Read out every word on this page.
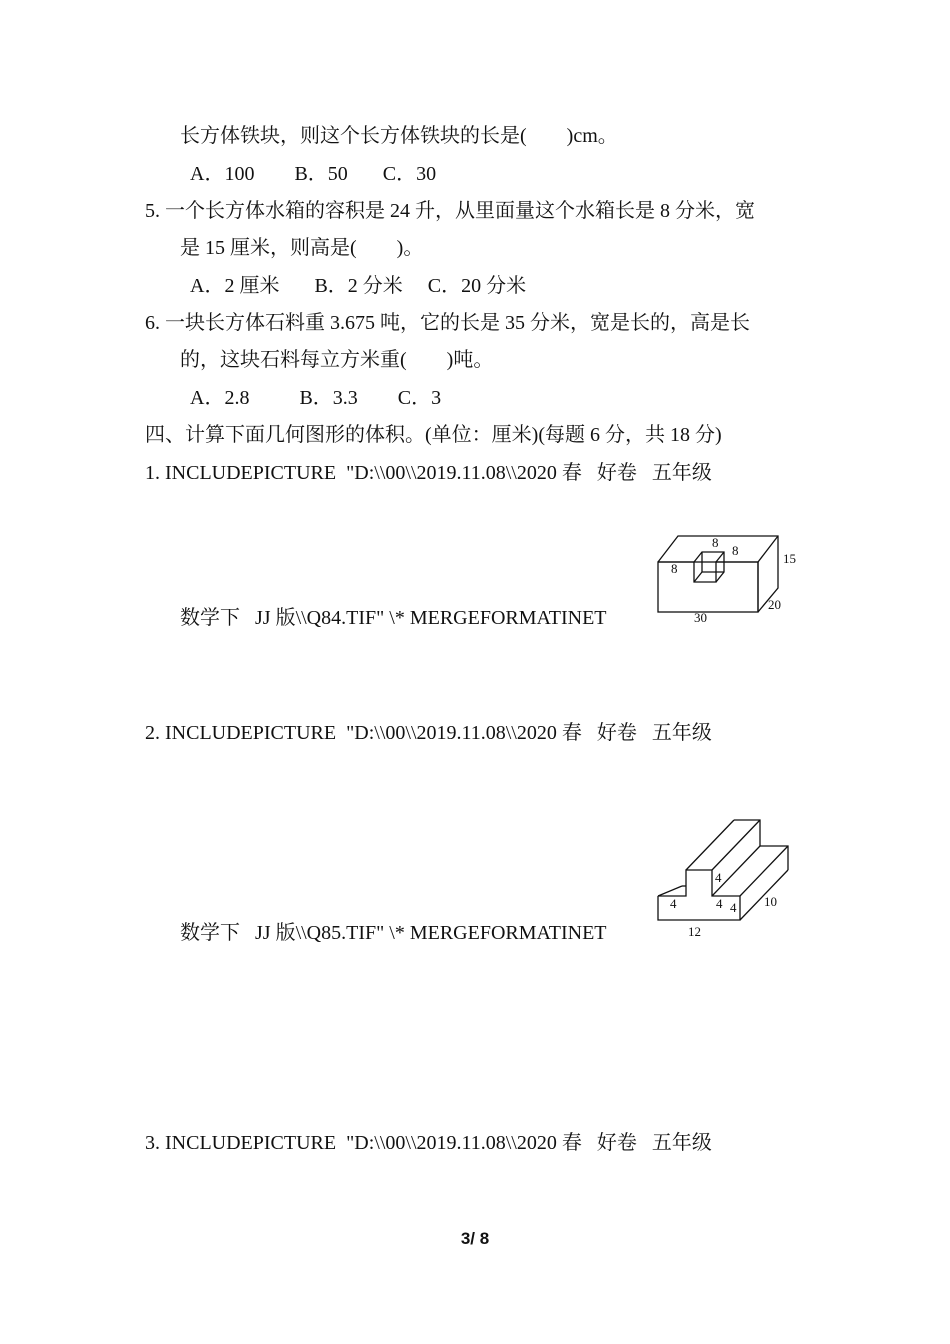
长方体铁块，则这个长方体铁块的长是(        )cm。
A．100        B．50       C．30
5. 一个长方体水箱的容积是 24 升，从里面量这个水箱长是 8 分米，宽
是 15 厘米，则高是(        )。
A．2 厘米       B．2 分米     C．20 分米
6. 一块长方体石料重 3.675 吨，它的长是 35 分米，宽是长的，高是长
的，这块石料每立方米重(        )吨。
A．2.8          B．3.3        C．3
四、计算下面几何图形的体积。(单位：厘米)(每题 6 分，共 18 分)
1. INCLUDEPICTURE  "D:\\00\\2019.11.08\\2020 春   好卷   五年级
数学下   JJ 版\\Q84.TIF" \* MERGEFORMATINET
8
8
8
15
20
30
2. INCLUDEPICTURE  "D:\\00\\2019.11.08\\2020 春   好卷   五年级
数学下   JJ 版\\Q85.TIF" \* MERGEFORMATINET
4
4	4 4 10
12
3. INCLUDEPICTURE  "D:\\00\\2019.11.08\\2020 春   好卷   五年级
3/ 8
